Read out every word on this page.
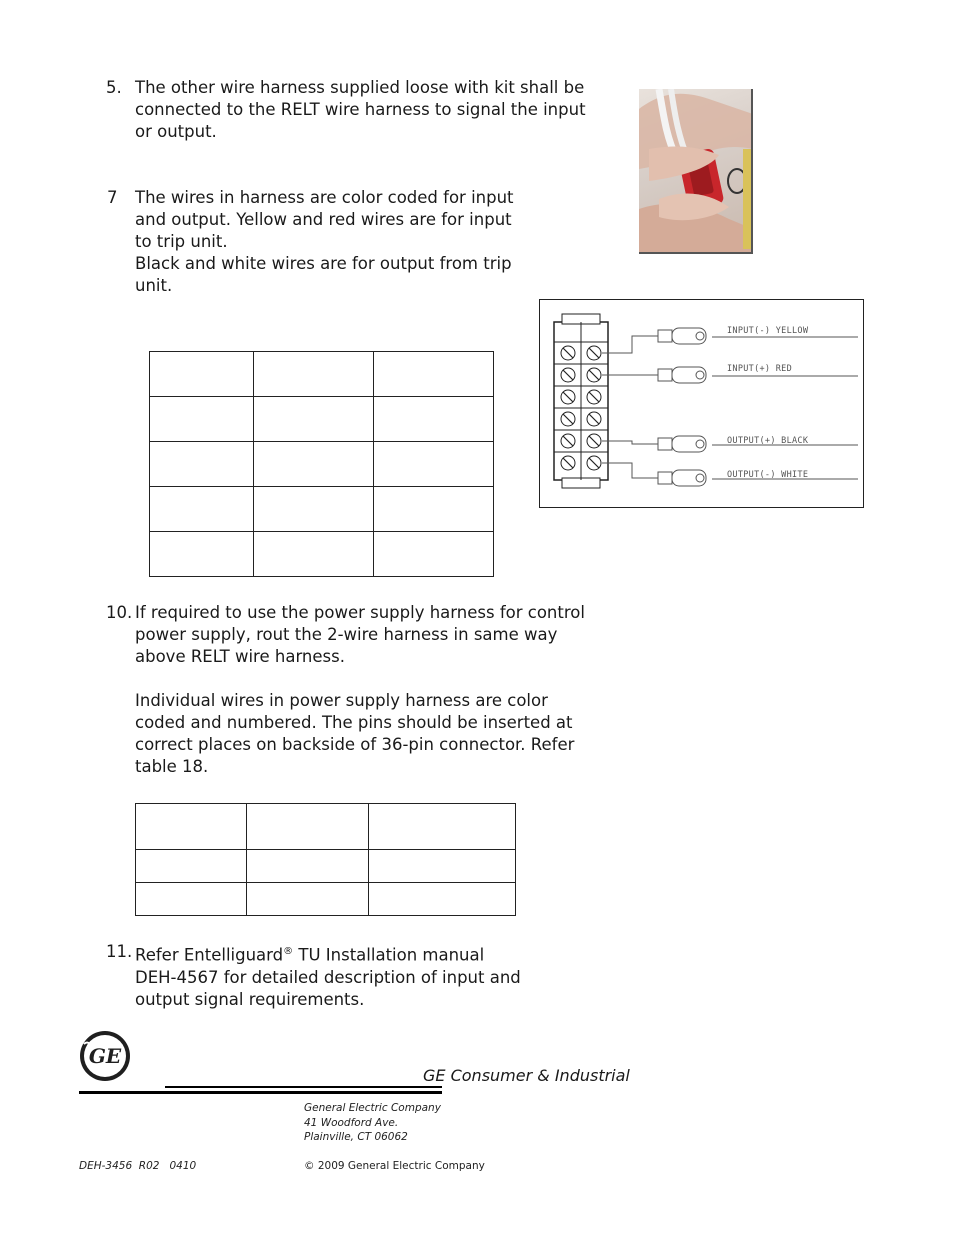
5. The other wire harness supplied loose with kit shall be connected to the RELT wire harness to signal the input or output.
7 The wires in harness are color coded for input and output. Yellow and red wires are for input to trip unit.
Black and white wires are for output from trip unit.
INPUT(-) YELLOW
INPUT(+) RED
OUTPUT(+) BLACK
OUTPUT(-) WHITE

10. If required to use the power supply harness for control power supply, rout the 2-wire harness in same way above RELT wire harness.
Individual wires in power supply harness are color coded and numbered. The pins should be inserted at correct places on backside of 36-pin connector. Refer table 18.

11. Refer Entelliguard® TU Installation manual DEH-4567 for detailed description of input and output signal requirements.
GE
GE Consumer & Industrial
General Electric Company
41 Woodford Ave.
Plainville, CT 06062
DEH-3456  R02   0410	© 2009 General Electric Company
